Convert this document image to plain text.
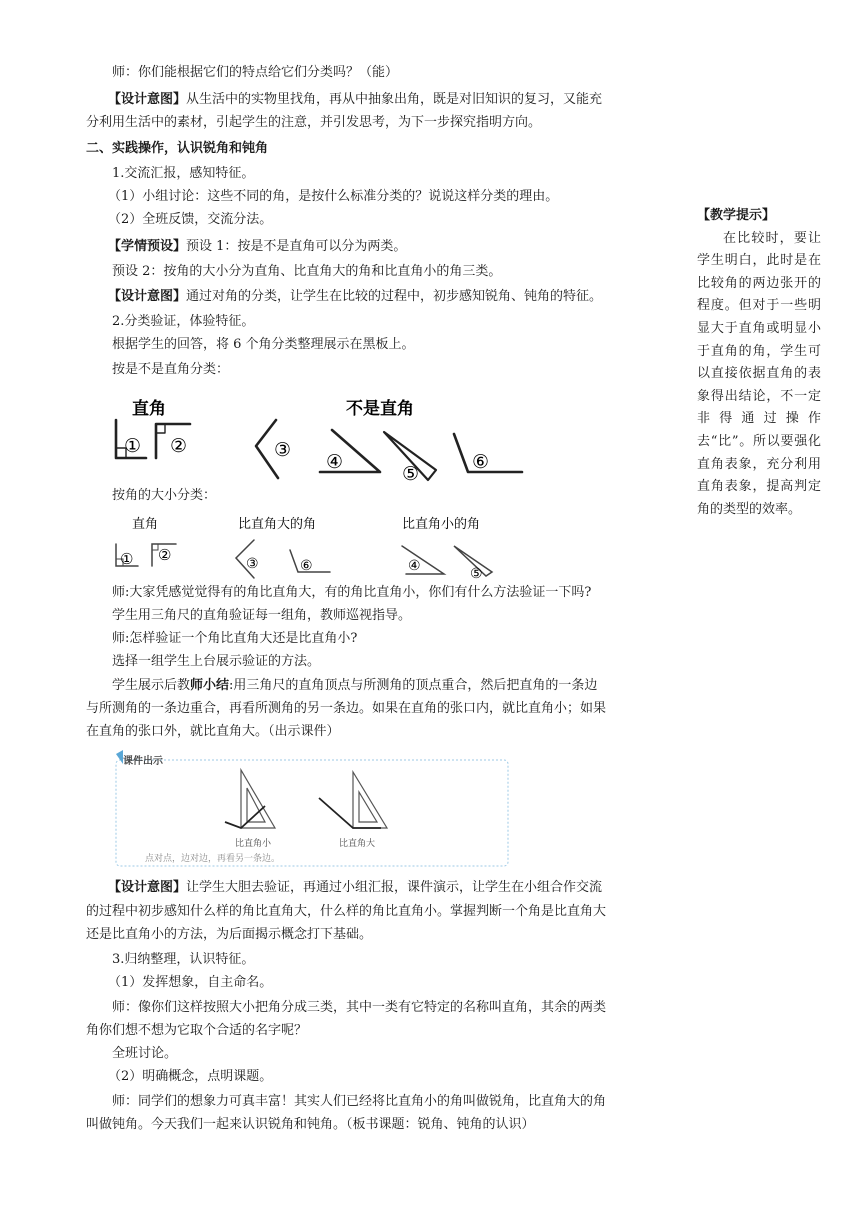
师：你们能根据它们的特点给它们分类吗？（能）
【设计意图】从生活中的实物里找角，再从中抽象出角，既是对旧知识的复习，又能充
分利用生活中的素材，引起学生的注意，并引发思考，为下一步探究指明方向。
二、实践操作，认识锐角和钝角
1.交流汇报，感知特征。
（1）小组讨论：这些不同的角，是按什么标准分类的？说说这样分类的理由。
（2）全班反馈，交流分法。
【学情预设】预设 1：按是不是直角可以分为两类。
预设 2：按角的大小分为直角、比直角大的角和比直角小的角三类。
【设计意图】通过对角的分类，让学生在比较的过程中，初步感知锐角、钝角的特征。
2.分类验证，体验特征。
根据学生的回答，将 6 个角分类整理展示在黑板上。
按是不是直角分类：
按角的大小分类：
师:大家凭感觉觉得有的角比直角大，有的角比直角小，你们有什么方法验证一下吗?
学生用三角尺的直角验证每一组角，教师巡视指导。
师:怎样验证一个角比直角大还是比直角小?
选择一组学生上台展示验证的方法。
学生展示后教师小结:用三角尺的直角顶点与所测角的顶点重合，然后把直角的一条边
与所测角的一条边重合，再看所测角的另一条边。如果在直角的张口内，就比直角小；如果
在直角的张口外，就比直角大。（出示课件）
【设计意图】让学生大胆去验证，再通过小组汇报，课件演示，让学生在小组合作交流
的过程中初步感知什么样的角比直角大，什么样的角比直角小。掌握判断一个角是比直角大
还是比直角小的方法，为后面揭示概念打下基础。
3.归纳整理，认识特征。
（1）发挥想象，自主命名。
师：像你们这样按照大小把角分成三类，其中一类有它特定的名称叫直角，其余的两类
角你们想不想为它取个合适的名字呢？
全班讨论。
（2）明确概念，点明课题。
师：同学们的想象力可真丰富！其实人们已经将比直角小的角叫做锐角，比直角大的角
叫做钝角。今天我们一起来认识锐角和钝角。（板书课题：锐角、钝角的认识）
直角	不是直角
① ②	③
④
⑤
⑥
直角	比直角大的角	比直角小的角
① ②	③	⑥	④	⑤
课件出示
比直角小	比直角大
点对点，边对边，再看另一条边。
【教学提示】
在比较时，要让学生明白，此时是在比较角的两边张开的程度。但对于一些明显大于直角或明显小于直角的角，学生可以直接依据直角的表象得出结论，不一定非得通过操作去“比”。所以要强化直角表象，充分利用直角表象，提高判定角的类型的效率。
